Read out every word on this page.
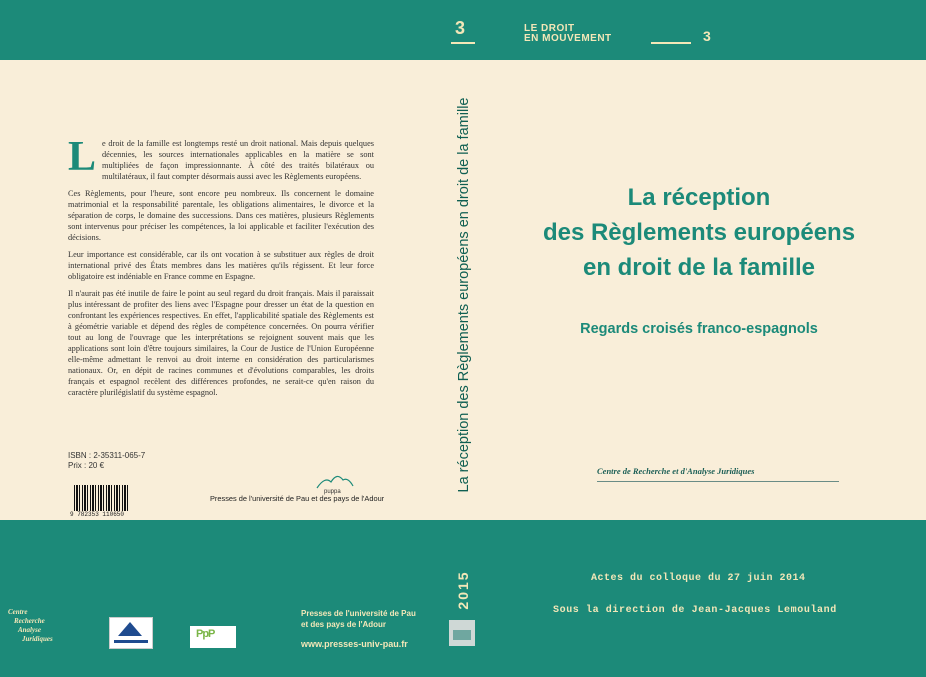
3	LE DROIT
EN MOUVEMENT	3

Le droit de la famille est longtemps resté un droit national. Mais depuis quelques décennies, les sources internationales applicables en la matière se sont multipliées de façon impressionnante. À côté des traités bilatéraux ou multilatéraux, il faut compter désormais aussi avec les Règlements européens.

Ces Règlements, pour l'heure, sont encore peu nombreux. Ils concernent le domaine matrimonial et la responsabilité parentale, les obligations alimentaires, le divorce et la séparation de corps, le domaine des successions. Dans ces matières, plusieurs Règlements sont intervenus pour préciser les compétences, la loi applicable et faciliter l'exécution des décisions.

Leur importance est considérable, car ils ont vocation à se substituer aux règles de droit international privé des États membres dans les matières qu'ils régissent. Et leur force obligatoire est indéniable en France comme en Espagne.

Il n'aurait pas été inutile de faire le point au seul regard du droit français. Mais il paraissait plus intéressant de profiter des liens avec l'Espagne pour dresser un état de la question en confrontant les expériences respectives. En effet, l'applicabilité spatiale des Règlements est à géométrie variable et dépend des règles de compétence concernées. On pourra vérifier tout au long de l'ouvrage que les interprétations se rejoignent souvent mais que les applications sont loin d'être toujours similaires, la Cour de Justice de l'Union Européenne elle-même admettant le renvoi au droit interne en considération des particularismes nationaux. Or, en dépit de racines communes et d'évolutions comparables, les droits français et espagnol recèlent des différences profondes, ne serait-ce qu'en raison du caractère plurilégislatif du système espagnol.

ISBN : 2-35311-065-7
Prix : 20 €
9 782353 110650
puppa
Presses de l'université de Pau et des pays de l'Adour
La réception des Règlements européens en droit de la famille
2015
La réception
des Règlements européens
en droit de la famille
Regards croisés franco-espagnols
Centre de Recherche et d'Analyse Juridiques
Actes du colloque du 27 juin 2014
Sous la direction de Jean-Jacques Lemouland
Centre
Recherche
Analyse
Juridiques	PpP
Presses de l'université de Pau
et des pays de l'Adour
www.presses-univ-pau.fr
